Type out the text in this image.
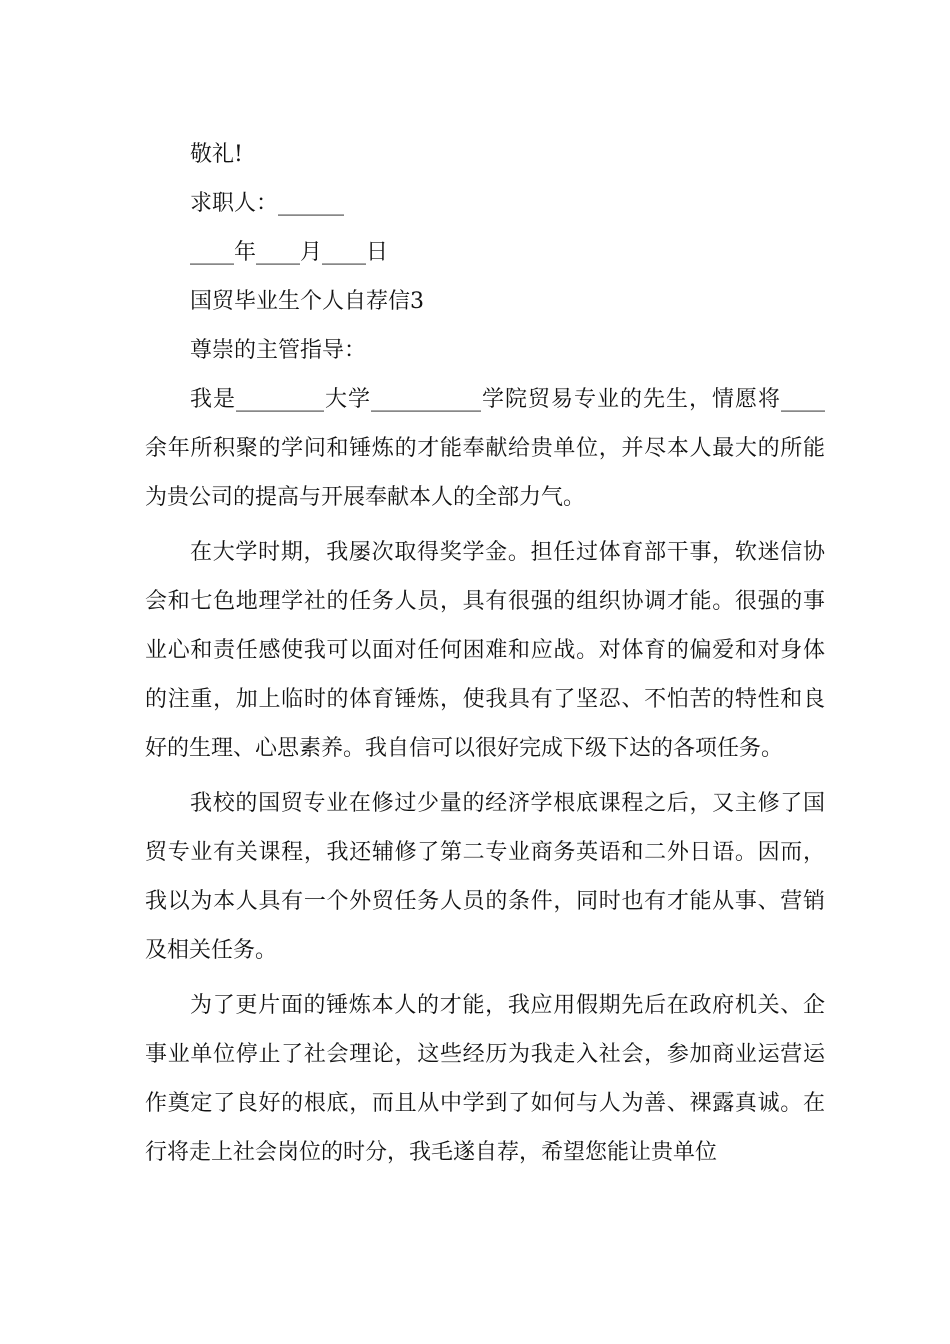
敬礼!

求职人：______

____年____月____日

国贸毕业生个人自荐信3

尊崇的主管指导：

我是________大学__________学院贸易专业的先生，情愿将____余年所积聚的学问和锤炼的才能奉献给贵单位，并尽本人最大的所能为贵公司的提高与开展奉献本人的全部力气。

在大学时期，我屡次取得奖学金。担任过体育部干事，软迷信协会和七色地理学社的任务人员，具有很强的组织协调才能。很强的事业心和责任感使我可以面对任何困难和应战。对体育的偏爱和对身体的注重，加上临时的体育锤炼，使我具有了坚忍、不怕苦的特性和良好的生理、心思素养。我自信可以很好完成下级下达的各项任务。

我校的国贸专业在修过少量的经济学根底课程之后，又主修了国贸专业有关课程，我还辅修了第二专业商务英语和二外日语。因而，我以为本人具有一个外贸任务人员的条件，同时也有才能从事、营销及相关任务。

为了更片面的锤炼本人的才能，我应用假期先后在政府机关、企事业单位停止了社会理论，这些经历为我走入社会，参加商业运营运作奠定了良好的根底，而且从中学到了如何与人为善、裸露真诚。在行将走上社会岗位的时分，我毛遂自荐，希望您能让贵单位
